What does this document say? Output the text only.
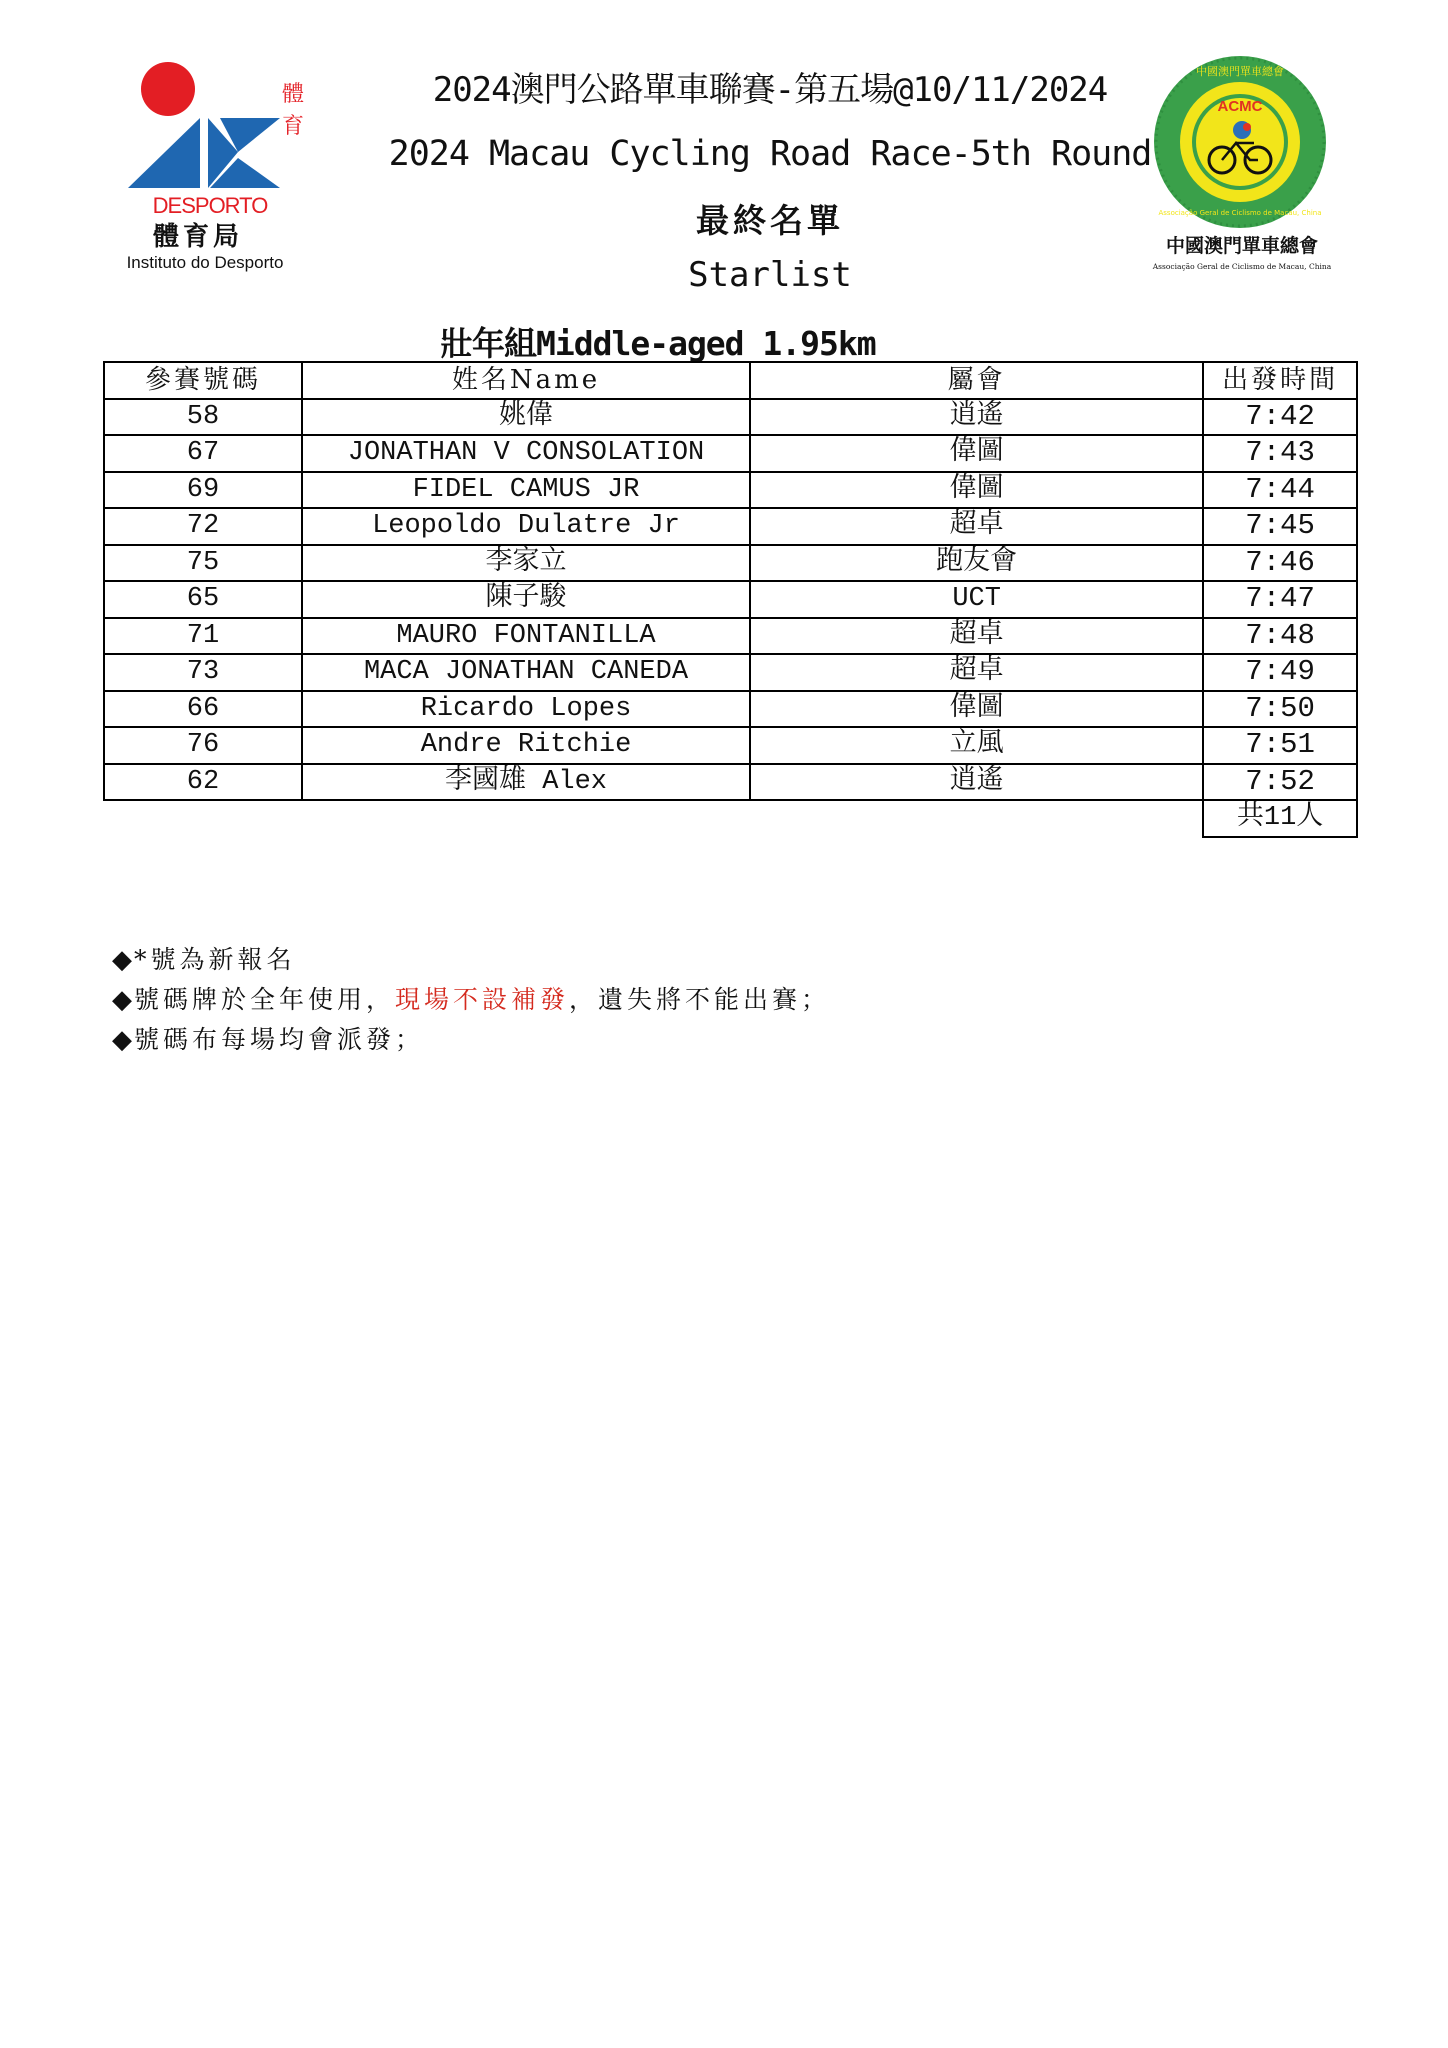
體
育
DESPORTO
體育局
Instituto do Desporto
ACMC
中國澳門單車總會
Associação Geral de Ciclismo de Macau, China
中國澳門單車總會
Associação Geral de Ciclismo de Macau, China
2024澳門公路單車聯賽-第五場@10/11/2024
2024 Macau Cycling Road Race-5th Round
最終名單
Starlist
壯年組Middle-aged 1.95km
參賽號碼	姓名Name	屬會	出發時間
58	姚偉	逍遙	7:42
67	JONATHAN V CONSOLATION	偉圖	7:43
69	FIDEL CAMUS JR	偉圖	7:44
72	Leopoldo Dulatre Jr	超卓	7:45
75	李家立	跑友會	7:46
65	陳子駿	UCT	7:47
71	MAURO FONTANILLA	超卓	7:48
73	MACA JONATHAN CANEDA	超卓	7:49
66	Ricardo Lopes	偉圖	7:50
76	Andre Ritchie	立風	7:51
62	李國雄 Alex	逍遙	7:52
			共11人
◆*號為新報名
◆號碼牌於全年使用，現場不設補發，遺失將不能出賽；
◆號碼布每場均會派發；
